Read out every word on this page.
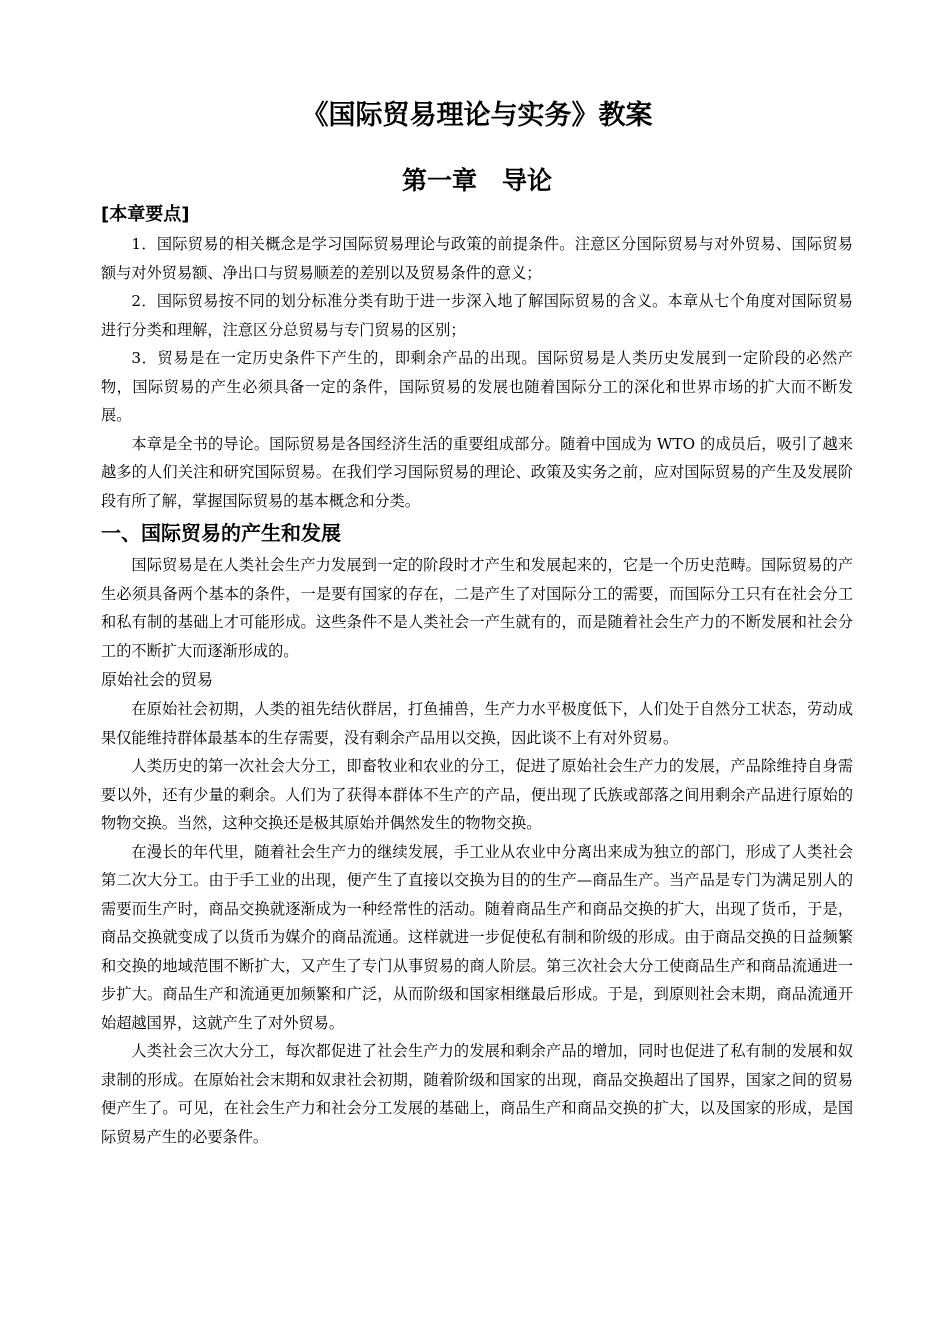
《国际贸易理论与实务》教案
第一章　导论
[本章要点]

1．国际贸易的相关概念是学习国际贸易理论与政策的前提条件。注意区分国际贸易与对外贸易、国际贸易额与对外贸易额、净出口与贸易顺差的差别以及贸易条件的意义；

2．国际贸易按不同的划分标准分类有助于进一步深入地了解国际贸易的含义。本章从七个角度对国际贸易进行分类和理解，注意区分总贸易与专门贸易的区别；

3．贸易是在一定历史条件下产生的，即剩余产品的出现。国际贸易是人类历史发展到一定阶段的必然产物，国际贸易的产生必须具备一定的条件，国际贸易的发展也随着国际分工的深化和世界市场的扩大而不断发展。

本章是全书的导论。国际贸易是各国经济生活的重要组成部分。随着中国成为 WTO 的成员后，吸引了越来越多的人们关注和研究国际贸易。在我们学习国际贸易的理论、政策及实务之前，应对国际贸易的产生及发展阶段有所了解，掌握国际贸易的基本概念和分类。

一、国际贸易的产生和发展

国际贸易是在人类社会生产力发展到一定的阶段时才产生和发展起来的，它是一个历史范畴。国际贸易的产生必须具备两个基本的条件，一是要有国家的存在，二是产生了对国际分工的需要，而国际分工只有在社会分工和私有制的基础上才可能形成。这些条件不是人类社会一产生就有的，而是随着社会生产力的不断发展和社会分工的不断扩大而逐渐形成的。

原始社会的贸易

在原始社会初期，人类的祖先结伙群居，打鱼捕兽，生产力水平极度低下，人们处于自然分工状态，劳动成果仅能维持群体最基本的生存需要，没有剩余产品用以交换，因此谈不上有对外贸易。

人类历史的第一次社会大分工，即畜牧业和农业的分工，促进了原始社会生产力的发展，产品除维持自身需要以外，还有少量的剩余。人们为了获得本群体不生产的产品，便出现了氏族或部落之间用剩余产品进行原始的物物交换。当然，这种交换还是极其原始并偶然发生的物物交换。

在漫长的年代里，随着社会生产力的继续发展，手工业从农业中分离出来成为独立的部门，形成了人类社会第二次大分工。由于手工业的出现，便产生了直接以交换为目的的生产—商品生产。当产品是专门为满足别人的需要而生产时，商品交换就逐渐成为一种经常性的活动。随着商品生产和商品交换的扩大，出现了货币，于是，商品交换就变成了以货币为媒介的商品流通。这样就进一步促使私有制和阶级的形成。由于商品交换的日益频繁和交换的地域范围不断扩大，又产生了专门从事贸易的商人阶层。第三次社会大分工使商品生产和商品流通进一步扩大。商品生产和流通更加频繁和广泛，从而阶级和国家相继最后形成。于是，到原则社会末期，商品流通开始超越国界，这就产生了对外贸易。

人类社会三次大分工，每次都促进了社会生产力的发展和剩余产品的增加，同时也促进了私有制的发展和奴隶制的形成。在原始社会末期和奴隶社会初期，随着阶级和国家的出现，商品交换超出了国界，国家之间的贸易便产生了。可见，在社会生产力和社会分工发展的基础上，商品生产和商品交换的扩大，以及国家的形成，是国际贸易产生的必要条件。
